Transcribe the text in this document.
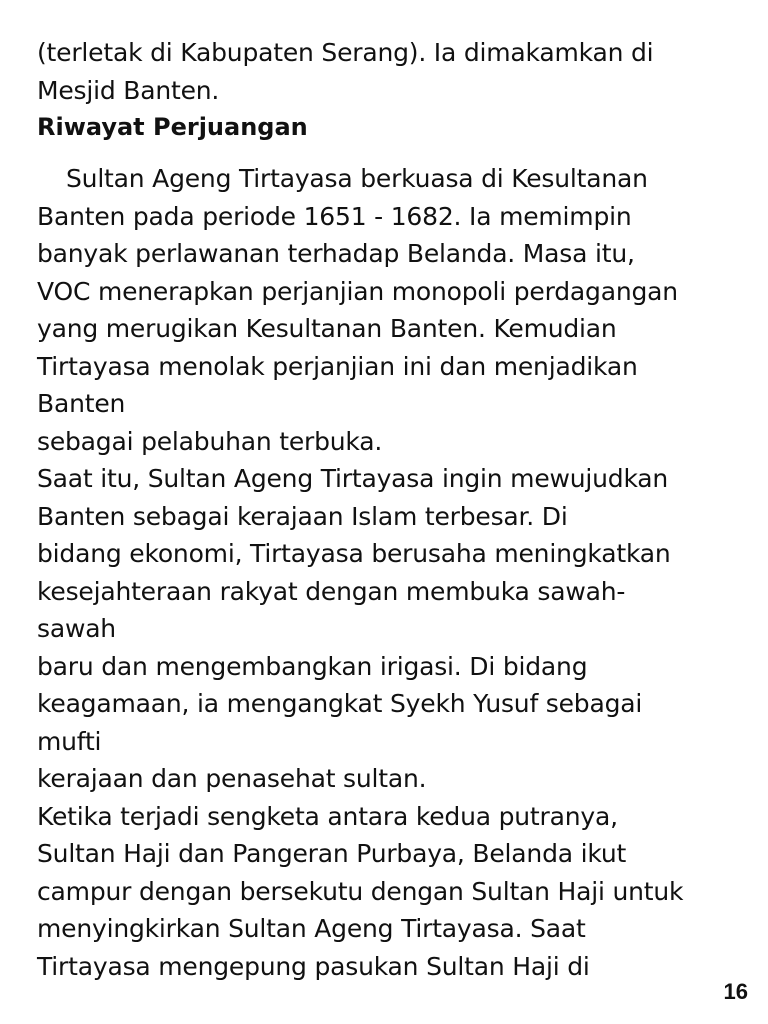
(terletak di Kabupaten Serang). Ia dimakamkan di
Mesjid Banten.
Riwayat Perjuangan
Sultan Ageng Tirtayasa berkuasa di Kesultanan
Banten pada periode 1651 - 1682. Ia memimpin
banyak perlawanan terhadap Belanda. Masa itu,
VOC menerapkan perjanjian monopoli perdagangan
yang merugikan Kesultanan Banten. Kemudian
Tirtayasa menolak perjanjian ini dan menjadikan
Banten
sebagai pelabuhan terbuka.
Saat itu, Sultan Ageng Tirtayasa ingin mewujudkan
Banten sebagai kerajaan Islam terbesar. Di
bidang ekonomi, Tirtayasa berusaha meningkatkan
kesejahteraan rakyat dengan membuka sawah-
sawah
baru dan mengembangkan irigasi. Di bidang
keagamaan, ia mengangkat Syekh Yusuf sebagai
mufti
kerajaan dan penasehat sultan.
Ketika terjadi sengketa antara kedua putranya,
Sultan Haji dan Pangeran Purbaya, Belanda ikut
campur dengan bersekutu dengan Sultan Haji untuk
menyingkirkan Sultan Ageng Tirtayasa. Saat
Tirtayasa mengepung pasukan Sultan Haji di
16
